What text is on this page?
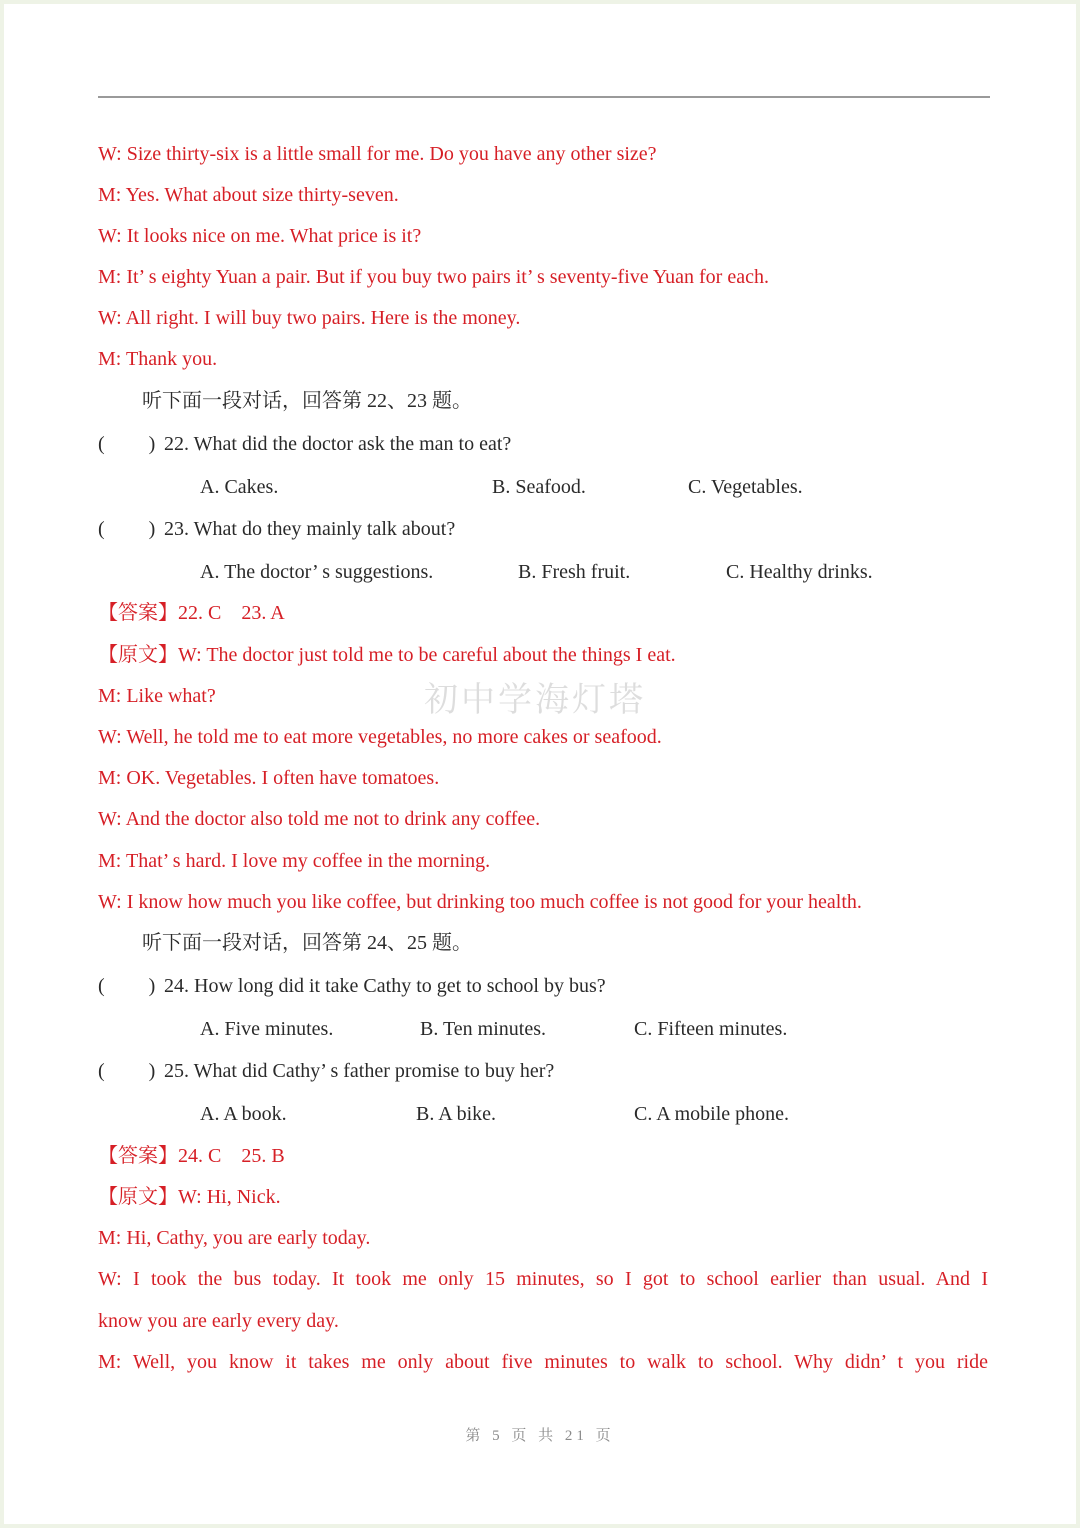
W: Size thirty-six is a little small for me. Do you have any other size?
M: Yes. What about size thirty-seven.
W: It looks nice on me. What price is it?
M: It’ s eighty Yuan a pair. But if you buy two pairs it’ s seventy-five Yuan for each.
W: All right. I will buy two pairs. Here is the money.
M: Thank you.
听下面一段对话，回答第 22、23 题。
( ) 22. What did the doctor ask the man to eat?
A. Cakes.	B. Seafood.	C. Vegetables.
( ) 23. What do they mainly talk about?
A. The doctor’ s suggestions.	B. Fresh fruit.	C. Healthy drinks.
【答案】22. C    23. A
【原文】W: The doctor just told me to be careful about the things I eat.
M: Like what?
W: Well, he told me to eat more vegetables, no more cakes or seafood.
M: OK. Vegetables. I often have tomatoes.
W: And the doctor also told me not to drink any coffee.
M: That’ s hard. I love my coffee in the morning.
W: I know how much you like coffee, but drinking too much coffee is not good for your health.
听下面一段对话，回答第 24、25 题。
( ) 24. How long did it take Cathy to get to school by bus?
A. Five minutes.	B. Ten minutes.	C. Fifteen minutes.
( ) 25. What did Cathy’ s father promise to buy her?
A. A book.	B. A bike.	C. A mobile phone.
【答案】24. C    25. B
【原文】W: Hi, Nick.
M: Hi, Cathy, you are early today.
W: I took the bus today. It took me only 15 minutes, so I got to school earlier than usual. And I
know you are early every day.
M: Well, you know it takes me only about five minutes to walk to school. Why didn’ t you ride
初中学海灯塔
第 5 页 共 21 页
